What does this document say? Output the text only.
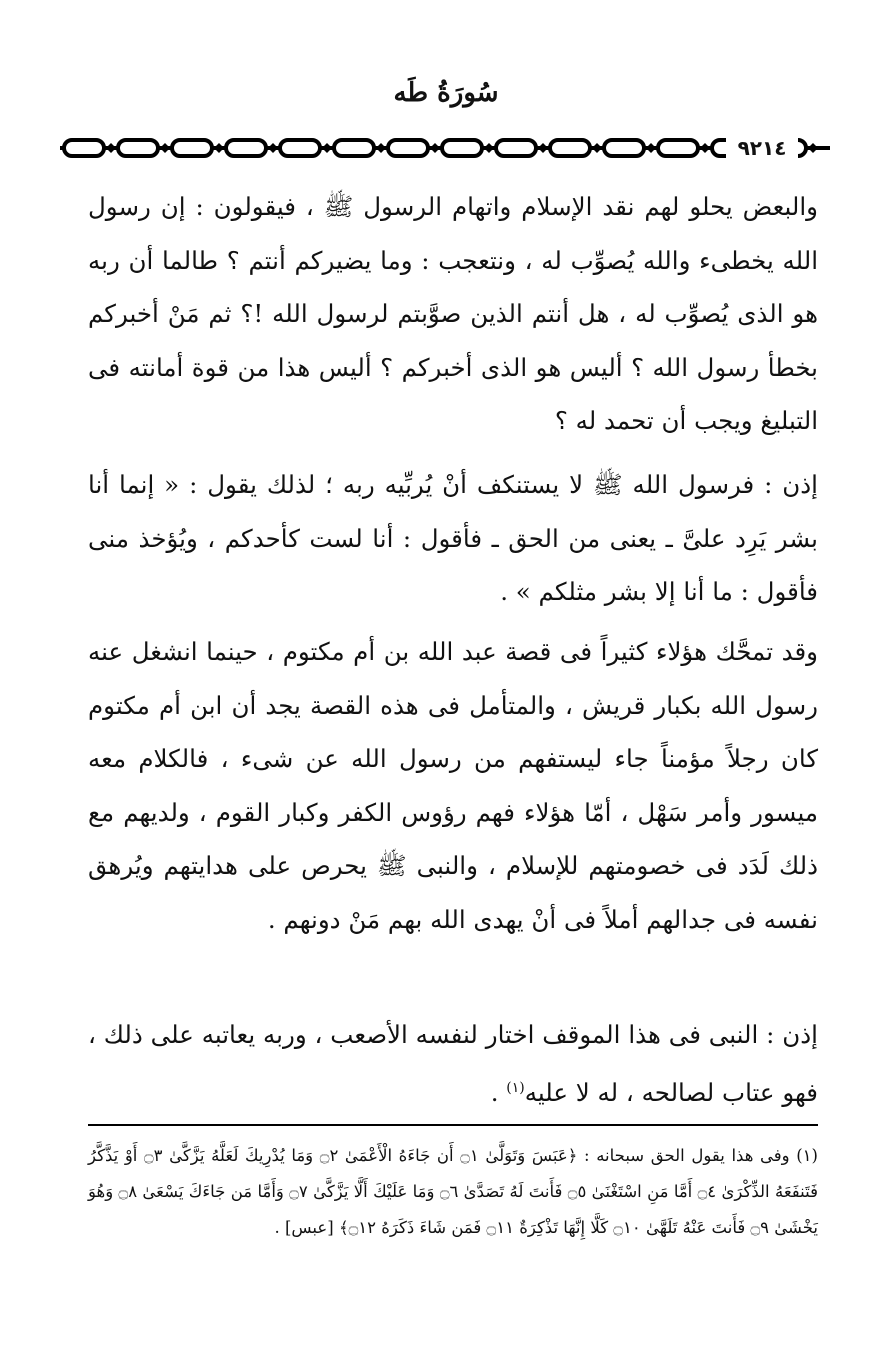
سُورَةُ طَه
٩٢١٤

والبعض يحلو لهم نقد الإسلام واتهام الرسول ﷺ ، فيقولون : إن رسول الله يخطىء والله يُصوِّب له ، ونتعجب : وما يضيركم أنتم ؟ طالما أن ربه هو الذى يُصوِّب له ، هل أنتم الذين صوَّبتم لرسول الله !؟ ثم مَنْ أخبركم بخطأ رسول الله ؟ أليس هو الذى أخبركم ؟ أليس هذا من قوة أمانته فى التبليغ ويجب أن تحمد له ؟

إذن : فرسول الله ﷺ لا يستنكف أنْ يُربِّيه ربه ؛ لذلك يقول : « إنما أنا بشر يَرِد علىَّ ـ يعنى من الحق ـ فأقول : أنا لست كأحدكم ، ويُؤخذ منى فأقول : ما أنا إلا بشر مثلكم » .

وقد تمحَّك هؤلاء كثيراً فى قصة عبد الله بن أم مكتوم ، حينما انشغل عنه رسول الله بكبار قريش ، والمتأمل فى هذه القصة يجد أن ابن أم مكتوم كان رجلاً مؤمناً جاء ليستفهم من رسول الله عن شىء ، فالكلام معه ميسور وأمر سَهْل ، أمّا هؤلاء فهم رؤوس الكفر وكبار القوم ، ولديهم مع ذلك لَدَد فى خصومتهم للإسلام ، والنبى ﷺ يحرص على هدايتهم ويُرهق نفسه فى جدالهم أملاً فى أنْ يهدى الله بهم مَنْ دونهم .

إذن : النبى فى هذا الموقف اختار لنفسه الأصعب ، وربه يعاتبه على ذلك ، فهو عتاب لصالحه ، له لا عليه$^{(١)}$ .

(١) وفى هذا يقول الحق سبحانه : ﴿عَبَسَ وَتَوَلَّىٰ ۝١ أَن جَاءَهُ الْأَعْمَىٰ ۝٢ وَمَا يُدْرِيكَ لَعَلَّهُ يَزَّكَّىٰ ۝٣ أَوْ يَذَّكَّرُ فَتَنفَعَهُ الذِّكْرَىٰ ۝٤ أَمَّا مَنِ اسْتَغْنَىٰ ۝٥ فَأَنتَ لَهُ تَصَدَّىٰ ۝٦ وَمَا عَلَيْكَ أَلَّا يَزَّكَّىٰ ۝٧ وَأَمَّا مَن جَاءَكَ يَسْعَىٰ ۝٨ وَهُوَ يَخْشَىٰ ۝٩ فَأَنتَ عَنْهُ تَلَهَّىٰ ۝١٠ كَلَّا إِنَّهَا تَذْكِرَةٌ ۝١١ فَمَن شَاءَ ذَكَرَهُ ۝١٢﴾ [عبس] .
